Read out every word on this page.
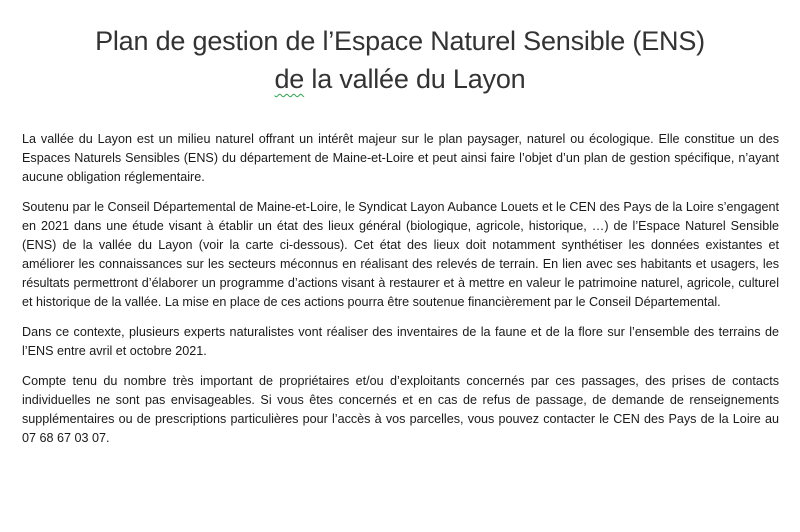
Plan de gestion de l’Espace Naturel Sensible (ENS)
de la vallée du Layon

La vallée du Layon est un milieu naturel offrant un intérêt majeur sur le plan paysager, naturel ou écologique. Elle constitue un des Espaces Naturels Sensibles (ENS) du département de Maine-et-Loire et peut ainsi faire l’objet d’un plan de gestion spécifique, n’ayant aucune obligation réglementaire.

Soutenu par le Conseil Départemental de Maine-et-Loire, le Syndicat Layon Aubance Louets et le CEN des Pays de la Loire s’engagent en 2021 dans une étude visant à établir un état des lieux général (biologique, agricole, historique, …) de l’Espace Naturel Sensible (ENS) de la vallée du Layon (voir la carte ci-dessous). Cet état des lieux doit notamment synthétiser les données existantes et améliorer les connaissances sur les secteurs méconnus en réalisant des relevés de terrain. En lien avec ses habitants et usagers, les résultats permettront d’élaborer un programme d’actions visant à restaurer et à mettre en valeur le patrimoine naturel, agricole, culturel et historique de la vallée. La mise en place de ces actions pourra être soutenue financièrement par le Conseil Départemental.

Dans ce contexte, plusieurs experts naturalistes vont réaliser des inventaires de la faune et de la flore sur l’ensemble des terrains de l’ENS entre avril et octobre 2021.

Compte tenu du nombre très important de propriétaires et/ou d’exploitants concernés par ces passages, des prises de contacts individuelles ne sont pas envisageables. Si vous êtes concernés et en cas de refus de passage, de demande de renseignements supplémentaires ou de prescriptions particulières pour l’accès à vos parcelles, vous pouvez contacter le CEN des Pays de la Loire au 07 68 67 03 07.
